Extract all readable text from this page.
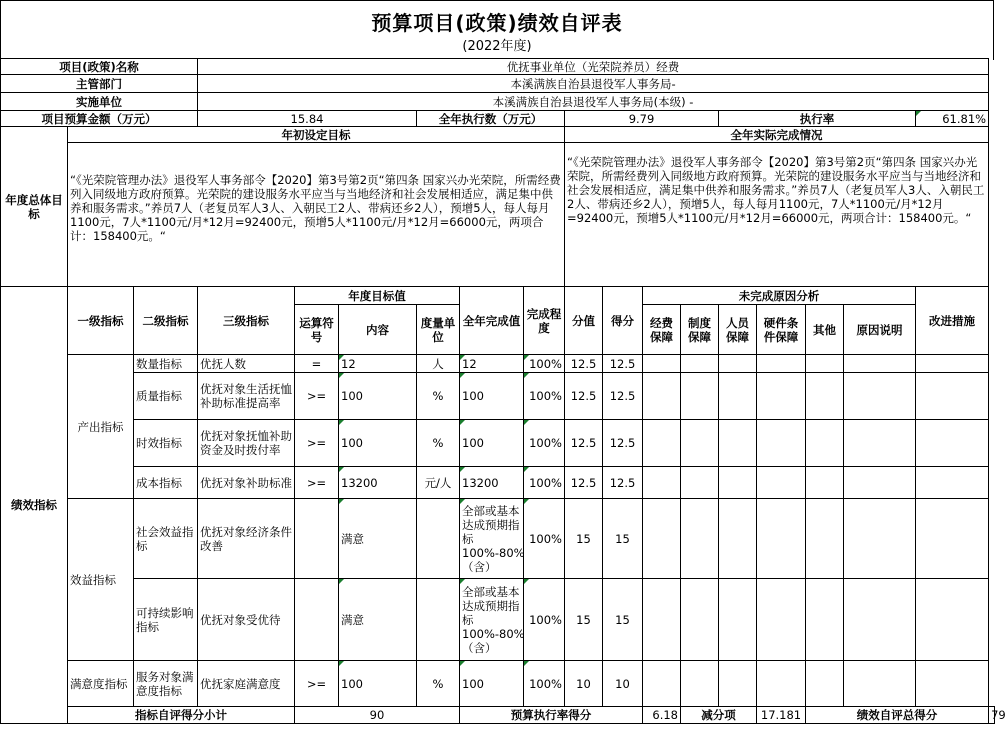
预算项目(政策)绩效自评表
(2022年度)
项目(政策)名称			优抚事业单位（光荣院养员）经费															
主管部门			本溪满族自治县退役军人事务局-															
实施单位			本溪满族自治县退役军人事务局(本级) -															
项目预算金额（万元）			15.84			全年执行数（万元）			9.79				执行率				61.81%	
年度总体目标	年初设定目标								全年实际完成情况									
	“《光荣院管理办法》退役军人事务部令【2020】第3号第2页“第四条 国家兴办光荣院，所需经费列入同级地方政府预算。光荣院的建设服务水平应当与当地经济和社会发展相适应，满足集中供养和服务需求。”养员7人（老复员军人3人、入朝民工2人、带病还乡2人），预增5人，每人每月1100元，7人*1100元/月*12月=92400元，预增5人*1100元/月*12月=66000元，两项合计：158400元。“								“《光荣院管理办法》退役军人事务部令【2020】第3号第2页“第四条 国家兴办光荣院，所需经费列入同级地方政府预算。光荣院的建设服务水平应当与当地经济和社会发展相适应，满足集中供养和服务需求。”养员7人（老复员军人3人、入朝民工2人、带病还乡2人），预增5人，每人每月1100元，7人*1100元/月*12月=92400元，预增5人*1100元/月*12月=66000元，两项合计：158400元。“									
绩效指标	一级指标	二级指标	三级指标	年度目标值			全年完成值	完成程度	分值	得分	未完成原因分析						改进措施	
				运算符号	内容	度量单位					经费保障	制度保障	人员保障	硬件条件保障	其他	原因说明		
	产出指标	数量指标	优抚人数	=	12	人	12	100%	12.5	12.5								
		质量指标	优抚对象生活抚恤补助标准提高率	>=	100	%	100	100%	12.5	12.5								
		时效指标	优抚对象抚恤补助资金及时拨付率	>=	100	%	100	100%	12.5	12.5								
		成本指标	优抚对象补助标准	>=	13200	元/人	13200	100%	12.5	12.5								
	效益指标	社会效益指标	优抚对象经济条件改善		满意		全部或基本达成预期指标100%-80%（含）	100%	15	15								
		可持续影响指标	优抚对象受优待		满意		全部或基本达成预期指标100%-80%（含）	100%	15	15								
	满意度指标	服务对象满意度指标	优抚家庭满意度	>=	100	%	100	100%	10	10								
	指标自评得分小计			90			预算执行率得分				6.18	减分项		17.181	绩效自评总得分			79
